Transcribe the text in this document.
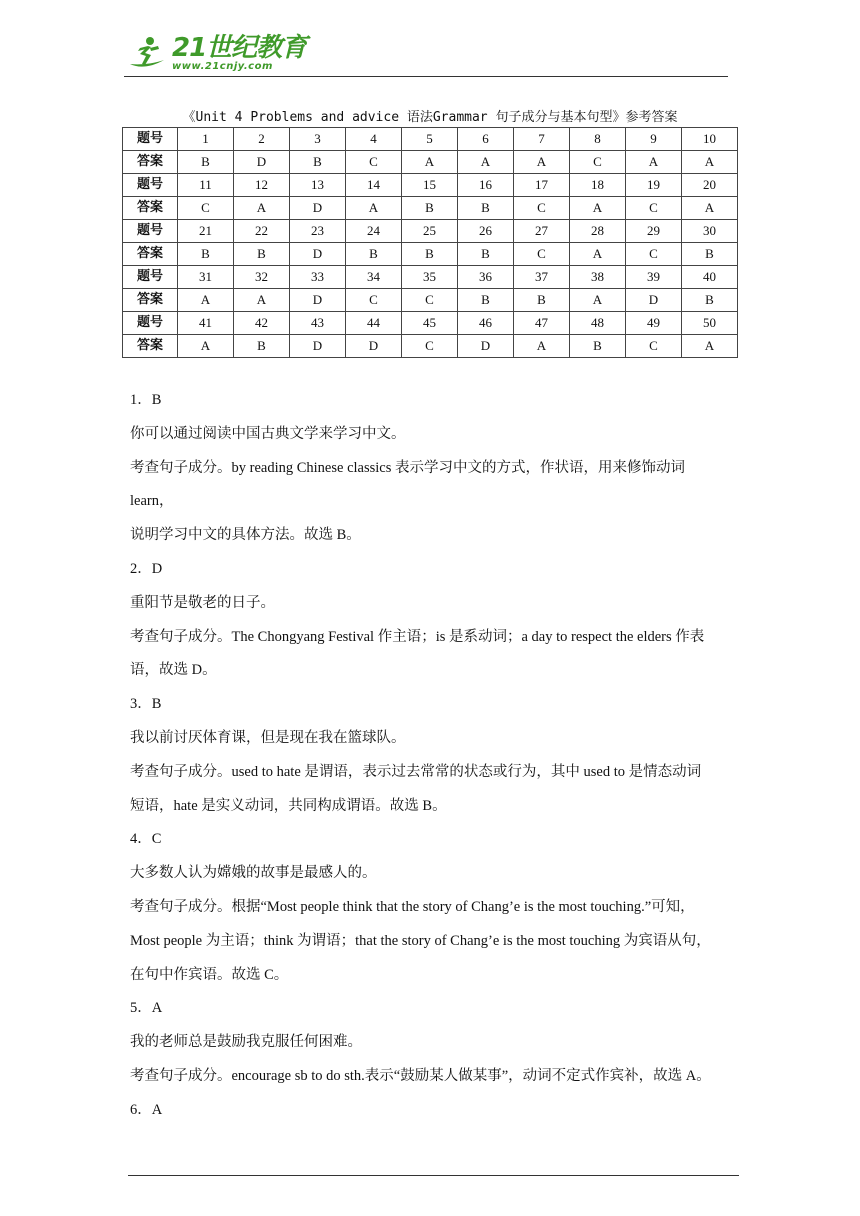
21世纪教育
www.21cnjy.com
《Unit 4 Problems and advice 语法Grammar 句子成分与基本句型》参考答案
题号	1	2	3	4	5	6	7	8	9	10
答案	B	D	B	C	A	A	A	C	A	A
题号	11	12	13	14	15	16	17	18	19	20
答案	C	A	D	A	B	B	C	A	C	A
题号	21	22	23	24	25	26	27	28	29	30
答案	B	B	D	B	B	B	C	A	C	B
题号	31	32	33	34	35	36	37	38	39	40
答案	A	A	D	C	C	B	B	A	D	B
题号	41	42	43	44	45	46	47	48	49	50
答案	A	B	D	D	C	D	A	B	C	A

1．B

你可以通过阅读中国古典文学来学习中文。

考查句子成分。by reading Chinese classics 表示学习中文的方式，作状语，用来修饰动词 learn，

说明学习中文的具体方法。故选 B。

2．D

重阳节是敬老的日子。

考查句子成分。The Chongyang Festival 作主语；is 是系动词；a day to respect the elders 作表

语，故选 D。

3．B

我以前讨厌体育课，但是现在我在篮球队。

考查句子成分。used to hate 是谓语，表示过去常常的状态或行为，其中 used to 是情态动词

短语，hate 是实义动词，共同构成谓语。故选 B。

4．C

大多数人认为嫦娥的故事是最感人的。

考查句子成分。根据“Most people think that the story of Chang’e is the most touching.”可知，

Most people 为主语；think 为谓语；that the story of Chang’e is the most touching 为宾语从句，

在句中作宾语。故选 C。

5．A

我的老师总是鼓励我克服任何困难。

考查句子成分。encourage sb to do sth.表示“鼓励某人做某事”，动词不定式作宾补，故选 A。

6．A
